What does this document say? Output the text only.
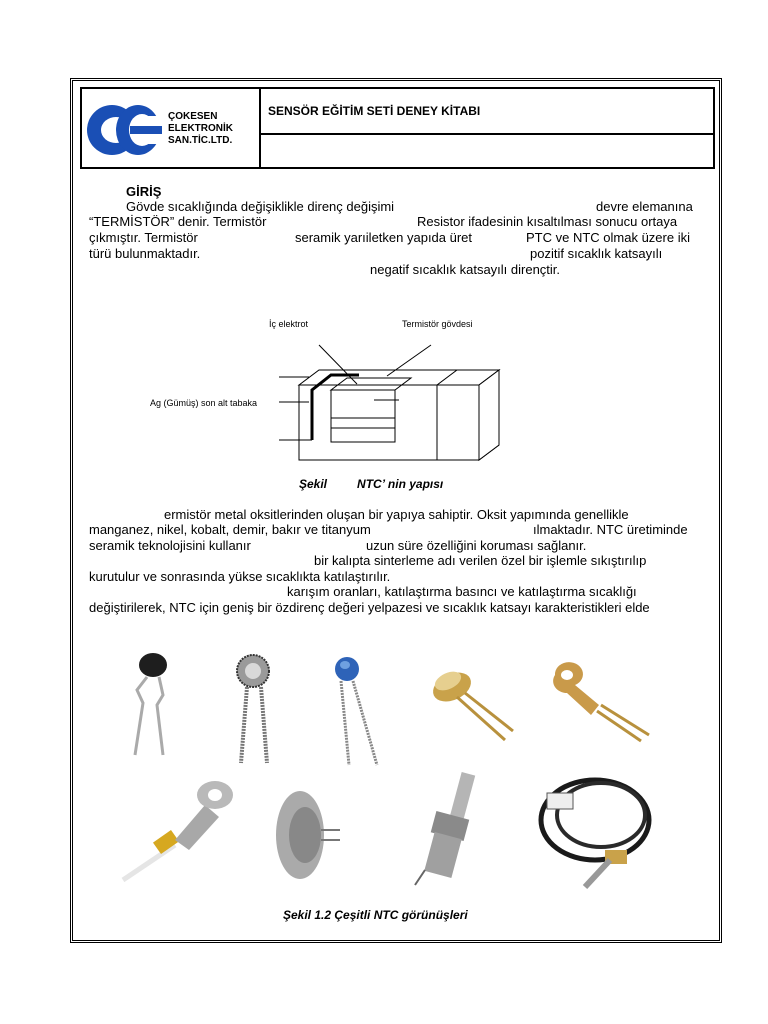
ÇOKESEN
ELEKTRONİK
SAN.TİC.LTD.
SENSÖR EĞİTİM SETİ DENEY KİTABI
GİRİŞ
Gövde sıcaklığında değişiklikle direnç değişimi	devre elemanına
“TERMİSTÖR” denir. Termistör	Resistor ifadesinin kısaltılması sonucu ortaya
çıkmıştır. Termistör	seramik yarıiletken yapıda üret	PTC ve NTC olmak üzere iki
türü bulunmaktadır.	pozitif sıcaklık katsayılı
negatif sıcaklık katsayılı dirençtir.
İç elektrot	Termistör gövdesi
Ag (Gümüş) son alt tabaka
Şekil	NTC’ nin yapısı
ermistör metal oksitlerinden oluşan bir yapıya sahiptir. Oksit yapımında genellikle
manganez, nikel, kobalt, demir, bakır ve titanyum	ılmaktadır. NTC üretiminde
seramik teknolojisini kullanır	uzun süre özelliğini koruması sağlanır.
bir kalıpta sinterleme adı verilen özel bir işlemle sıkıştırılıp
kurutulur ve sonrasında yükse sıcaklıkta katılaştırılır.
karışım oranları, katılaştırma basıncı ve katılaştırma sıcaklığı
değiştirilerek, NTC için geniş bir özdirenç değeri yelpazesi ve sıcaklık katsayı karakteristikleri elde
Şekil 1.2 Çeşitli NTC görünüşleri
